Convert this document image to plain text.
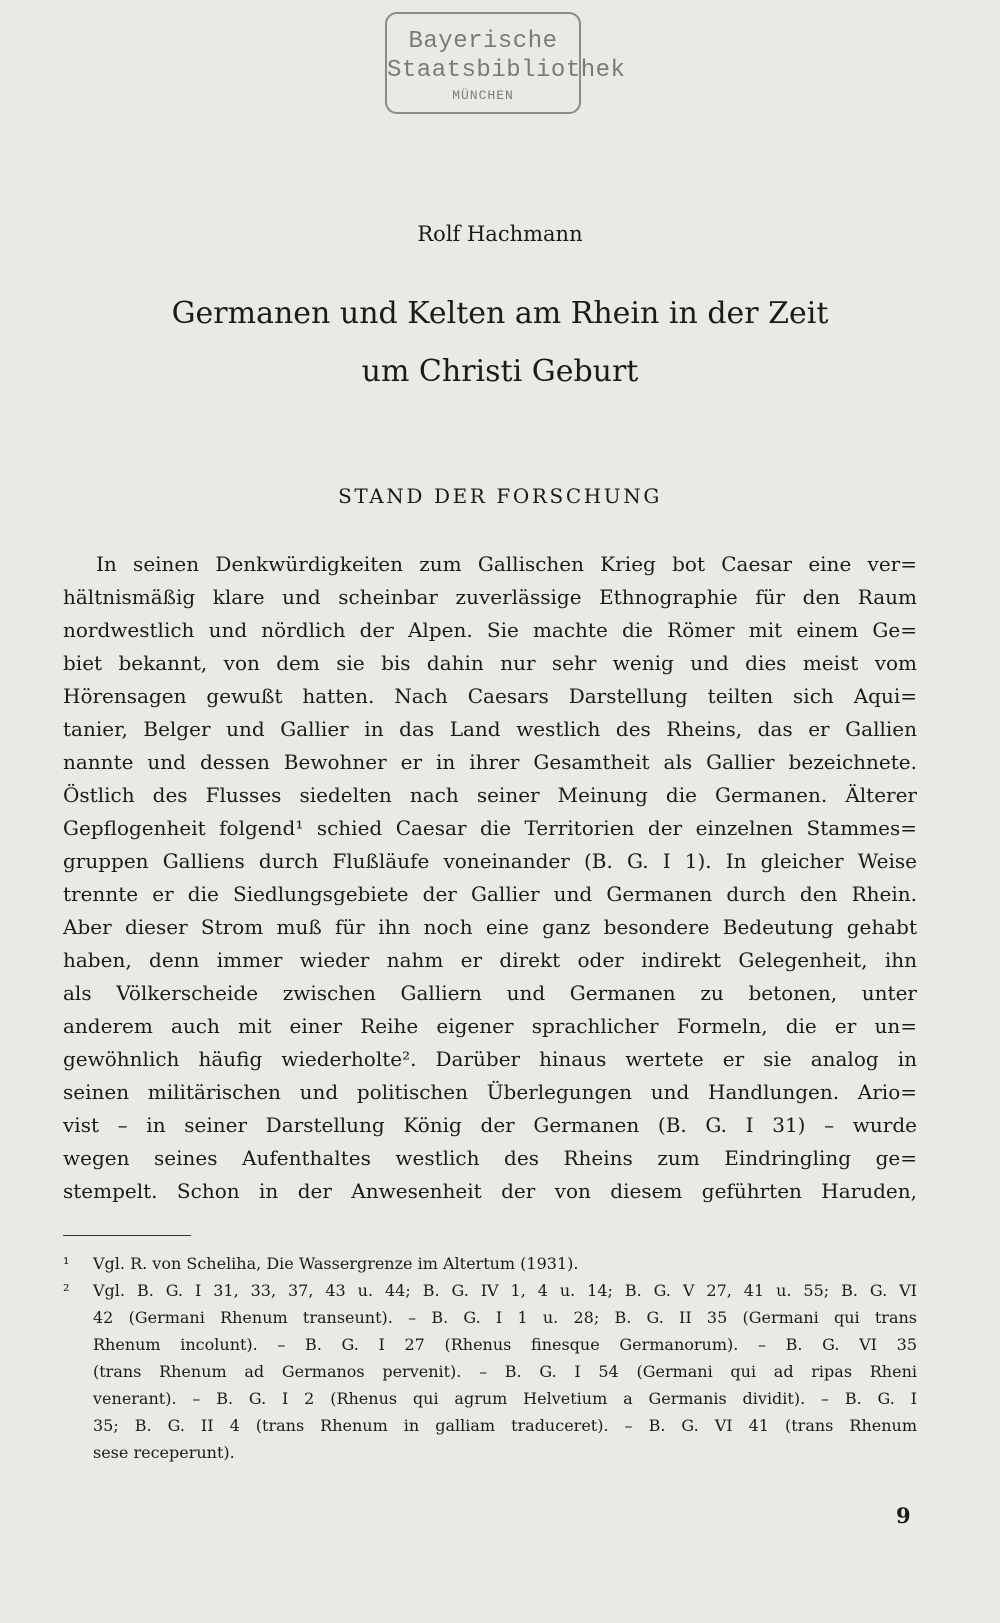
Bayerische
Staatsbibliothek
MÜNCHEN
Rolf Hachmann
Germanen und Kelten am Rhein in der Zeit
um Christi Geburt
STAND DER FORSCHUNG
In seinen Denkwürdigkeiten zum Gallischen Krieg bot Caesar eine ver=
hältnismäßig klare und scheinbar zuverlässige Ethnographie für den Raum
nordwestlich und nördlich der Alpen. Sie machte die Römer mit einem Ge=
biet bekannt, von dem sie bis dahin nur sehr wenig und dies meist vom
Hörensagen gewußt hatten. Nach Caesars Darstellung teilten sich Aqui=
tanier, Belger und Gallier in das Land westlich des Rheins, das er Gallien
nannte und dessen Bewohner er in ihrer Gesamtheit als Gallier bezeichnete.
Östlich des Flusses siedelten nach seiner Meinung die Germanen. Älterer
Gepflogenheit folgend¹ schied Caesar die Territorien der einzelnen Stammes=
gruppen Galliens durch Flußläufe voneinander (B. G. I 1). In gleicher Weise
trennte er die Siedlungsgebiete der Gallier und Germanen durch den Rhein.
Aber dieser Strom muß für ihn noch eine ganz besondere Bedeutung gehabt
haben, denn immer wieder nahm er direkt oder indirekt Gelegenheit, ihn
als Völkerscheide zwischen Galliern und Germanen zu betonen, unter
anderem auch mit einer Reihe eigener sprachlicher Formeln, die er un=
gewöhnlich häufig wiederholte². Darüber hinaus wertete er sie analog in
seinen militärischen und politischen Überlegungen und Handlungen. Ario=
vist – in seiner Darstellung König der Germanen (B. G. I 31) – wurde
wegen seines Aufenthaltes westlich des Rheins zum Eindringling ge=
stempelt. Schon in der Anwesenheit der von diesem geführten Haruden,
¹ Vgl. R. von Scheliha, Die Wassergrenze im Altertum (1931).
² Vgl. B. G. I 31, 33, 37, 43 u. 44; B. G. IV 1, 4 u. 14; B. G. V 27, 41 u. 55; B. G. VI
42 (Germani Rhenum transeunt). – B. G. I 1 u. 28; B. G. II 35 (Germani qui trans
Rhenum incolunt). – B. G. I 27 (Rhenus finesque Germanorum). – B. G. VI 35
(trans Rhenum ad Germanos pervenit). – B. G. I 54 (Germani qui ad ripas Rheni
venerant). – B. G. I 2 (Rhenus qui agrum Helvetium a Germanis dividit). – B. G. I
35; B. G. II 4 (trans Rhenum in galliam traduceret). – B. G. VI 41 (trans Rhenum
sese receperunt).
9
